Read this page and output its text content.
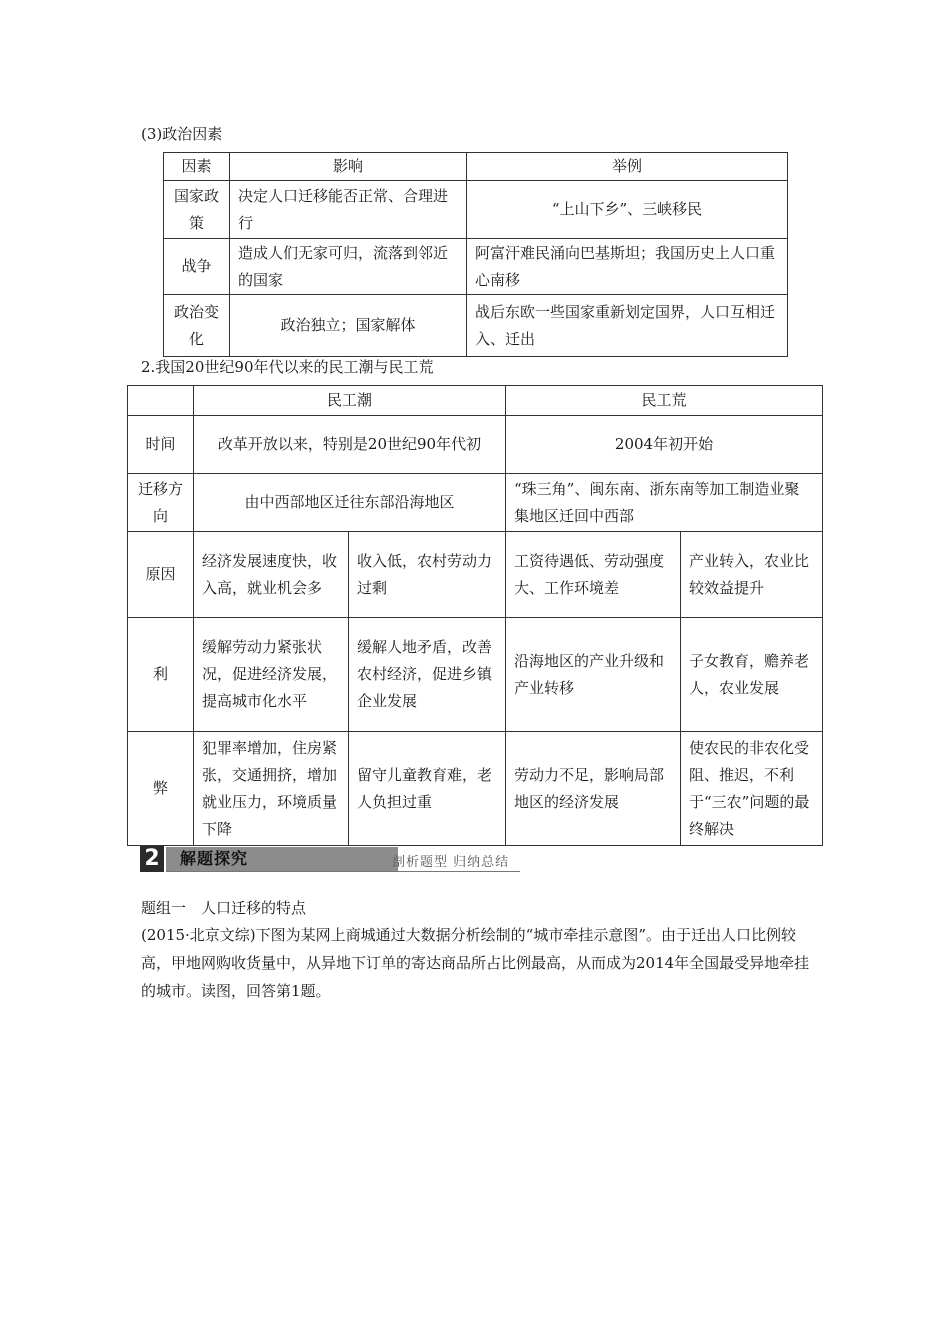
(3)政治因素
因素	影响	举例
国家政策	决定人口迁移能否正常、合理进行	“上山下乡”、三峡移民
战争	造成人们无家可归，流落到邻近的国家	阿富汗难民涌向巴基斯坦；我国历史上人口重心南移
政治变化	政治独立；国家解体	战后东欧一些国家重新划定国界，人口互相迁入、迁出
2.我国20世纪90年代以来的民工潮与民工荒
	民工潮		民工荒	
时间	改革开放以来，特别是20世纪90年代初		2004年初开始	
迁移方向	由中西部地区迁往东部沿海地区		“珠三角”、闽东南、浙东南等加工制造业聚集地区迁回中西部	
原因	经济发展速度快，收入高，就业机会多	收入低，农村劳动力过剩	工资待遇低、劳动强度大、工作环境差	产业转入，农业比较效益提升
利	缓解劳动力紧张状况，促进经济发展，提高城市化水平	缓解人地矛盾，改善农村经济，促进乡镇企业发展	沿海地区的产业升级和产业转移	子女教育，赡养老人，农业发展
弊	犯罪率增加，住房紧张，交通拥挤，增加就业压力，环境质量下降	留守儿童教育难，老人负担过重	劳动力不足，影响局部地区的经济发展	使农民的非农化受阻、推迟，不利于“三农”问题的最终解决
2 解题探究	剖析题型 归纳总结
题组一　人口迁移的特点
(2015·北京文综)下图为某网上商城通过大数据分析绘制的“城市牵挂示意图”。由于迁出人口比例较高，甲地网购收货量中，从异地下订单的寄达商品所占比例最高，从而成为2014年全国最受异地牵挂的城市。读图，回答第1题。
